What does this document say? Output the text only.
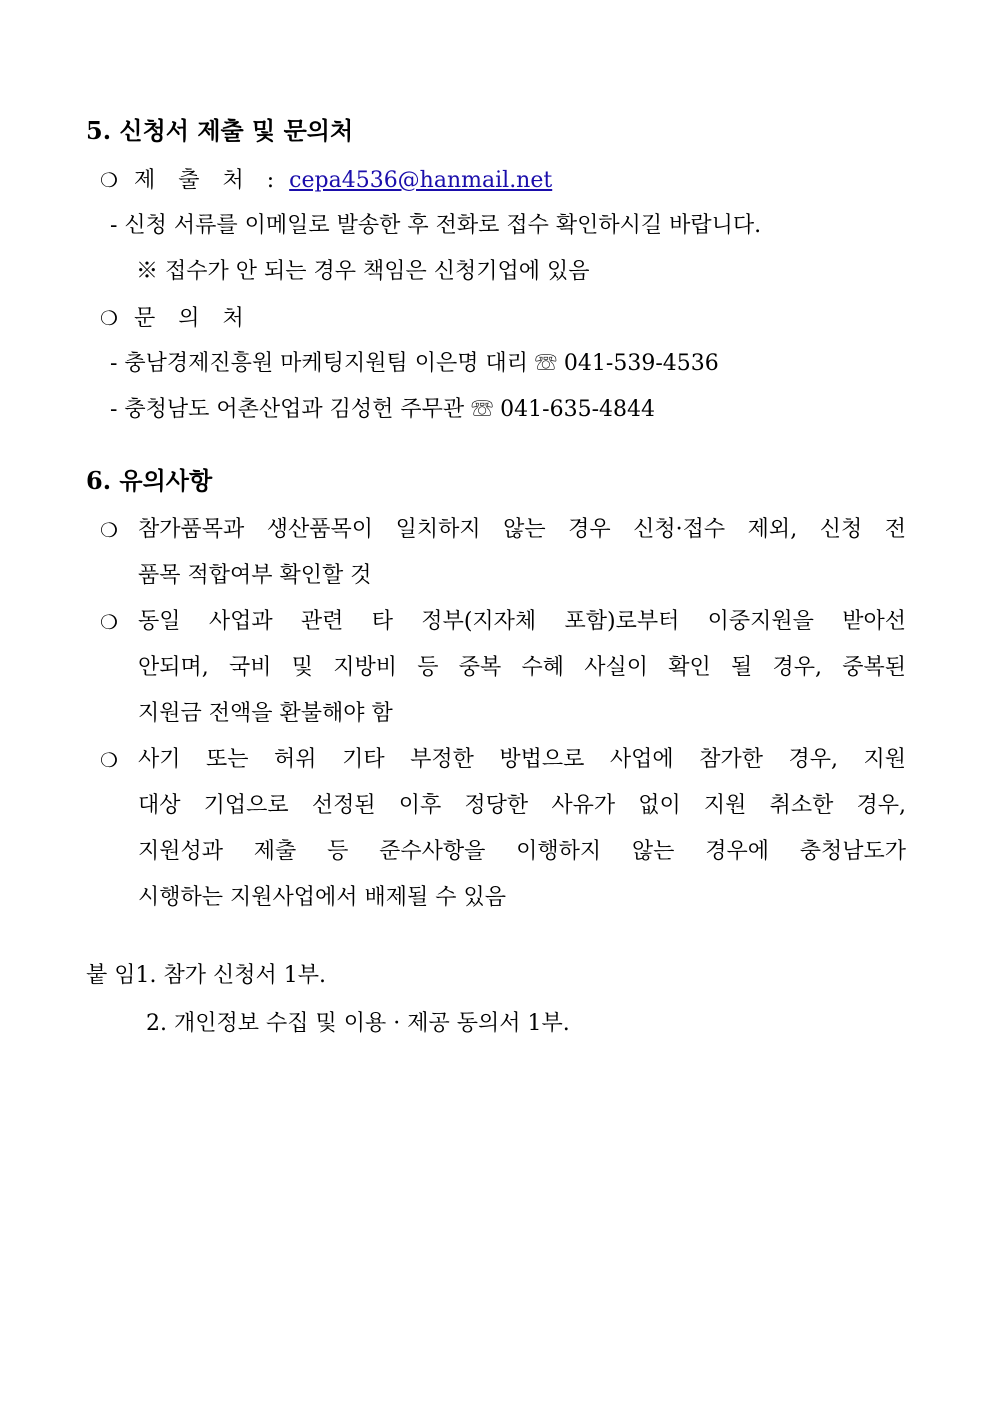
5. 신청서 제출 및 문의처
❍ 제 출 처 : cepa4536@hanmail.net
- 신청 서류를 이메일로 발송한 후 전화로 접수 확인하시길 바랍니다.
※ 접수가 안 되는 경우 책임은 신청기업에 있음
❍ 문 의 처
- 충남경제진흥원 마케팅지원팀 이은명 대리 ☏ 041-539-4536
- 충청남도 어촌산업과 김성헌 주무관 ☏ 041-635-4844
6. 유의사항
❍ 참가품목과 생산품목이 일치하지 않는 경우 신청·접수 제외, 신청 전
품목 적합여부 확인할 것
❍ 동일 사업과 관련 타 정부(지자체 포함)로부터 이중지원을 받아선
안되며, 국비 및 지방비 등 중복 수혜 사실이 확인 될 경우, 중복된
지원금 전액을 환불해야 함
❍ 사기 또는 허위 기타 부정한 방법으로 사업에 참가한 경우, 지원
대상 기업으로 선정된 이후 정당한 사유가 없이 지원 취소한 경우,
지원성과 제출 등 준수사항을 이행하지 않는 경우에 충청남도가
시행하는 지원사업에서 배제될 수 있음
붙 임1. 참가 신청서 1부.
2. 개인정보 수집 및 이용 · 제공 동의서 1부.
